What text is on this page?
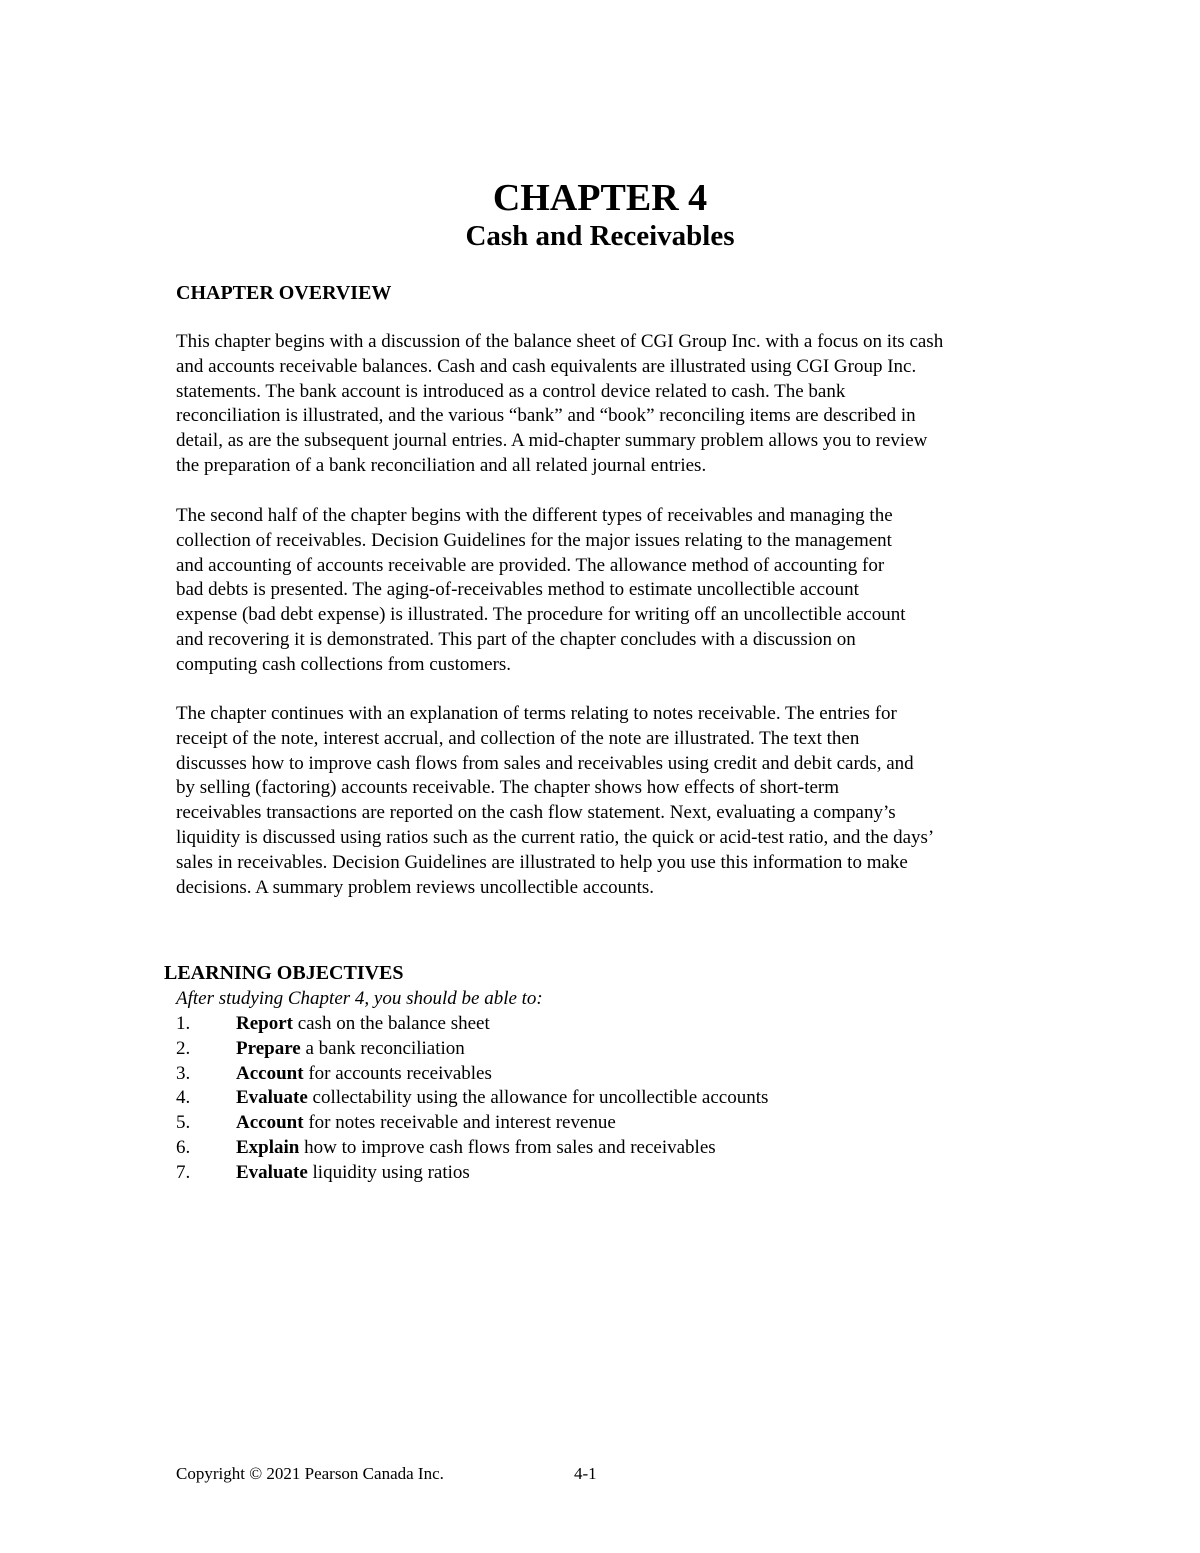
CHAPTER 4
Cash and Receivables
CHAPTER OVERVIEW

This chapter begins with a discussion of the balance sheet of CGI Group Inc. with a focus on its cash
and accounts receivable balances. Cash and cash equivalents are illustrated using CGI Group Inc.
statements. The bank account is introduced as a control device related to cash. The bank
reconciliation is illustrated, and the various “bank” and “book” reconciling items are described in
detail, as are the subsequent journal entries. A mid-chapter summary problem allows you to review
the preparation of a bank reconciliation and all related journal entries.

The second half of the chapter begins with the different types of receivables and managing the
collection of receivables. Decision Guidelines for the major issues relating to the management
and accounting of accounts receivable are provided. The allowance method of accounting for
bad debts is presented. The aging-of-receivables method to estimate uncollectible account
expense (bad debt expense) is illustrated. The procedure for writing off an uncollectible account
and recovering it is demonstrated. This part of the chapter concludes with a discussion on
computing cash collections from customers.

The chapter continues with an explanation of terms relating to notes receivable. The entries for
receipt of the note, interest accrual, and collection of the note are illustrated. The text then
discusses how to improve cash flows from sales and receivables using credit and debit cards, and
by selling (factoring) accounts receivable. The chapter shows how effects of short-term
receivables transactions are reported on the cash flow statement. Next, evaluating a company’s
liquidity is discussed using ratios such as the current ratio, the quick or acid-test ratio, and the days’
sales in receivables. Decision Guidelines are illustrated to help you use this information to make
decisions. A summary problem reviews uncollectible accounts.

LEARNING OBJECTIVES
After studying Chapter 4, you should be able to:
1.	Report cash on the balance sheet
2.	Prepare a bank reconciliation
3.	Account for accounts receivables
4.	Evaluate collectability using the allowance for uncollectible accounts
5.	Account for notes receivable and interest revenue
6.	Explain how to improve cash flows from sales and receivables
7.	Evaluate liquidity using ratios
Copyright © 2021 Pearson Canada Inc.	4-1
